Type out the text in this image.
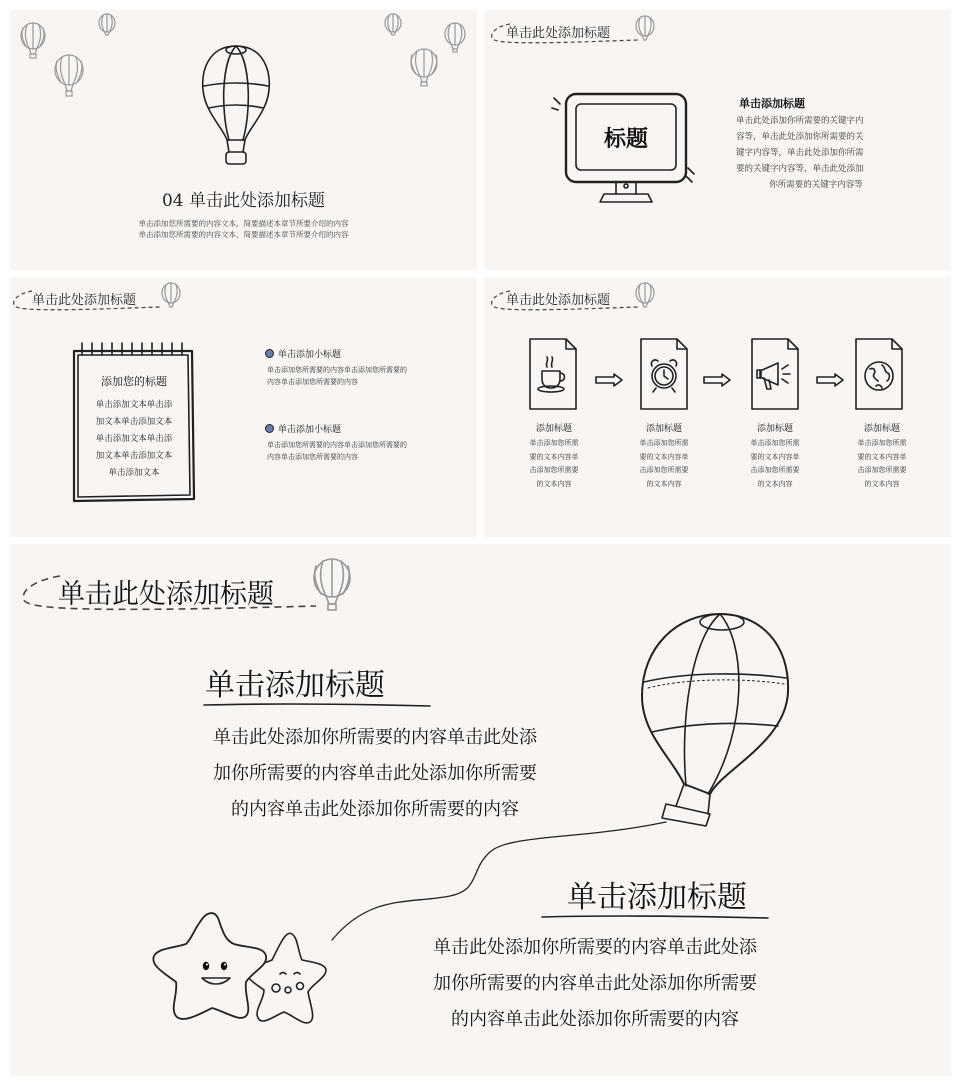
04 单击此处添加标题
单击添加您所需要的内容文本，简要描述本章节所要介绍的内容
单击添加您所需要的内容文本，简要描述本章节所要介绍的内容
单击此处添加标题
标题
单击添加标题
单击此处添加你所需要的关键字内
容等，单击此处添加你所需要的关
键字内容等，单击此处添加你所需
要的关键字内容等，单击此处添加
你所需要的关键字内容等
单击此处添加标题
添加您的标题
单击添加文本单击添
加文本单击添加文本
单击添加文本单击添
加文本单击添加文本
单击添加文本
单击添加小标题
单击添加您所需要的内容单击添加您所需要的
内容单击添加您所需要的内容
单击添加小标题
单击添加您所需要的内容单击添加您所需要的
内容单击添加您所需要的内容
单击此处添加标题
添加标题
单击添加您所需
要的文本内容单
击添加您所需要
的文本内容
添加标题
单击添加您所需
要的文本内容单
击添加您所需要
的文本内容
添加标题
单击添加您所需
要的文本内容单
击添加您所需要
的文本内容
添加标题
单击添加您所需
要的文本内容单
击添加您所需要
的文本内容
单击此处添加标题
单击添加标题
单击此处添加你所需要的内容单击此处添
加你所需要的内容单击此处添加你所需要
的内容单击此处添加你所需要的内容
单击添加标题
单击此处添加你所需要的内容单击此处添
加你所需要的内容单击此处添加你所需要
的内容单击此处添加你所需要的内容
